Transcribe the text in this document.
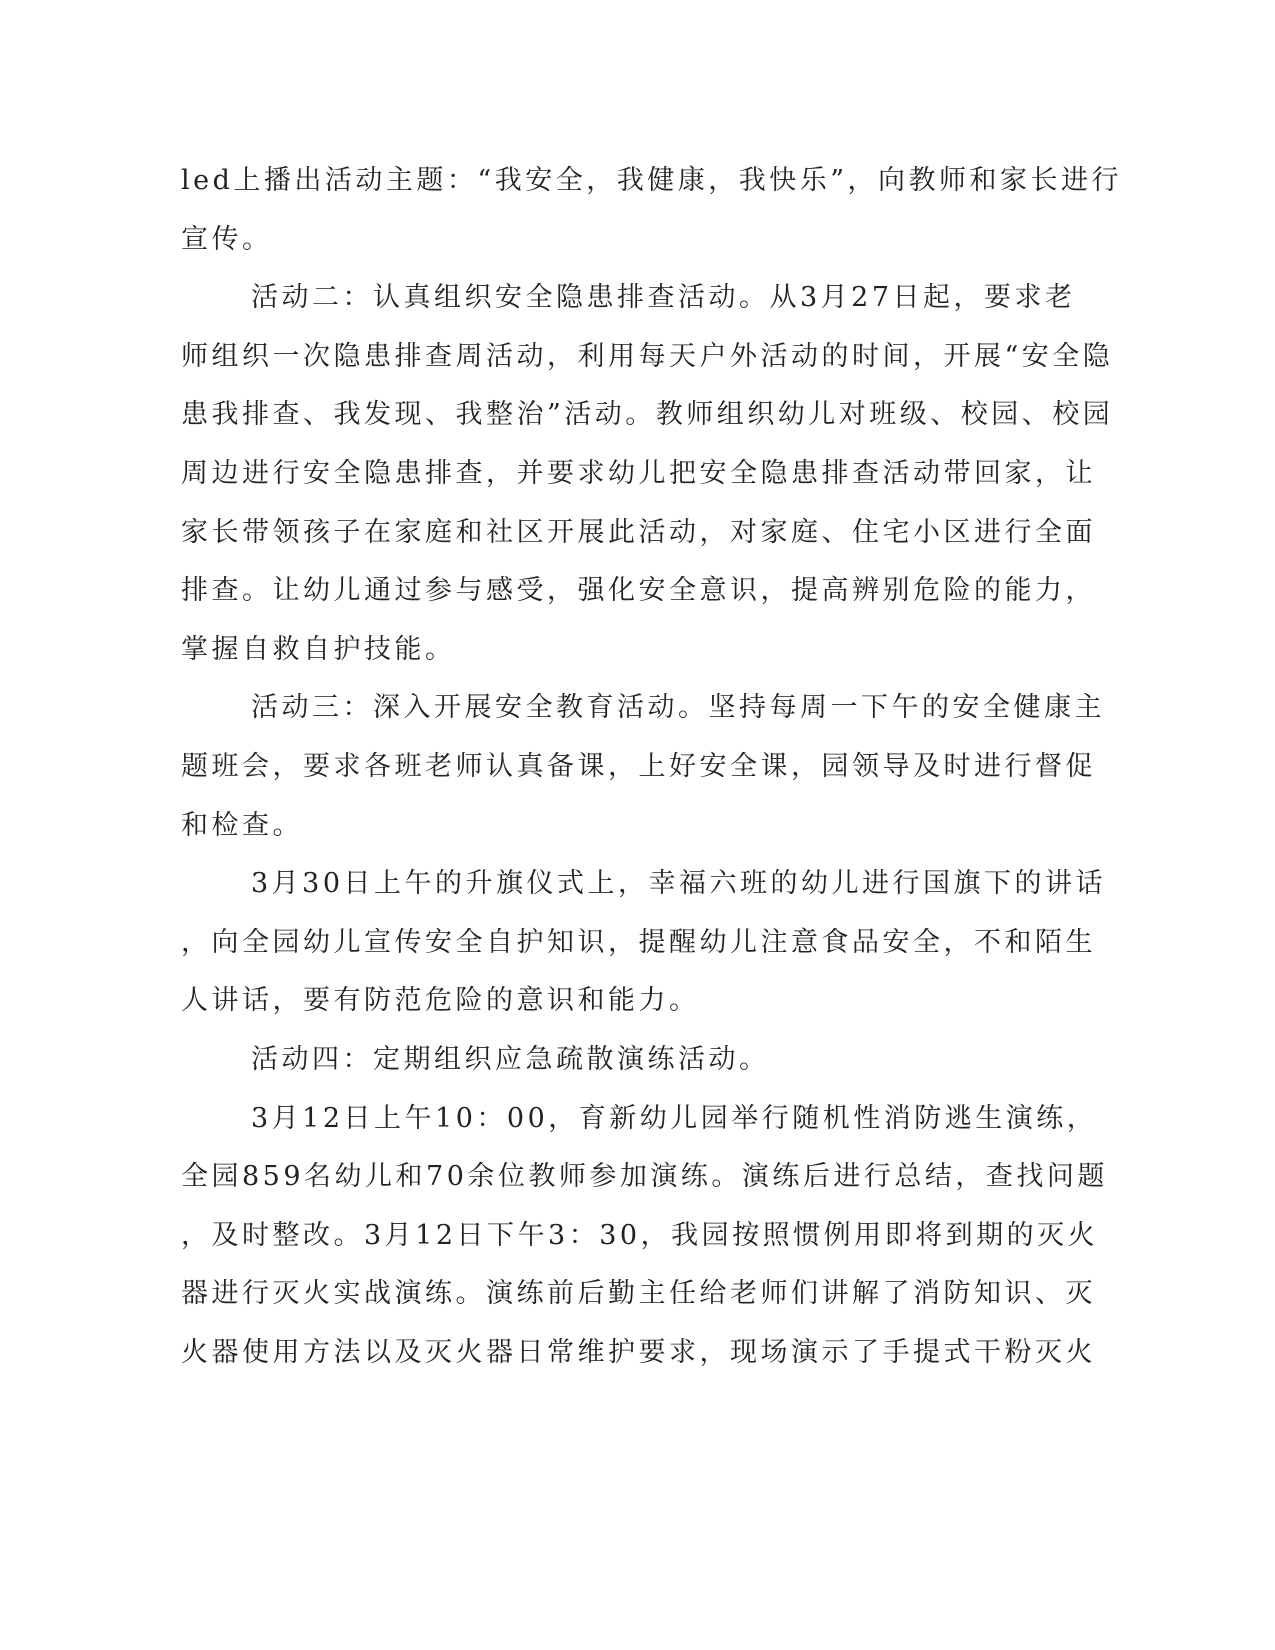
led上播出活动主题：“我安全，我健康，我快乐”，向教师和家长进行
宣传。
活动二：认真组织安全隐患排查活动。从3月27日起，要求老
师组织一次隐患排查周活动，利用每天户外活动的时间，开展“安全隐
患我排查、我发现、我整治”活动。教师组织幼儿对班级、校园、校园
周边进行安全隐患排查，并要求幼儿把安全隐患排查活动带回家，让
家长带领孩子在家庭和社区开展此活动，对家庭、住宅小区进行全面
排查。让幼儿通过参与感受，强化安全意识，提高辨别危险的能力，
掌握自救自护技能。
活动三：深入开展安全教育活动。坚持每周一下午的安全健康主
题班会，要求各班老师认真备课，上好安全课，园领导及时进行督促
和检查。
3月30日上午的升旗仪式上，幸福六班的幼儿进行国旗下的讲话
，向全园幼儿宣传安全自护知识，提醒幼儿注意食品安全，不和陌生
人讲话，要有防范危险的意识和能力。
活动四：定期组织应急疏散演练活动。
3月12日上午10：00，育新幼儿园举行随机性消防逃生演练，
全园859名幼儿和70余位教师参加演练。演练后进行总结，查找问题
，及时整改。3月12日下午3：30，我园按照惯例用即将到期的灭火
器进行灭火实战演练。演练前后勤主任给老师们讲解了消防知识、灭
火器使用方法以及灭火器日常维护要求，现场演示了手提式干粉灭火
